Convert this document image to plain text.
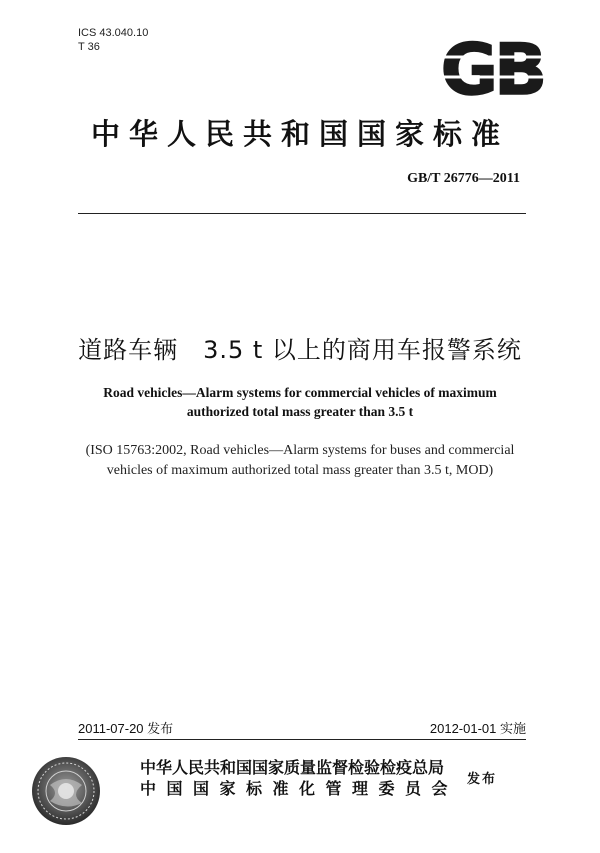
ICS 43.040.10
T 36	GB
中华人民共和国国家标准
GB/T 26776—2011
道路车辆　3.5 t 以上的商用车报警系统
Road vehicles—Alarm systems for commercial vehicles of maximum
authorized total mass greater than 3.5 t
(ISO 15763:2002, Road vehicles—Alarm systems for buses and commercial
vehicles of maximum authorized total mass greater than 3.5 t, MOD)
2011-07-20 发布	2012-01-01 实施
中华人民共和国国家质量监督检验检疫总局
中国国家标准化管理委员会 发布
